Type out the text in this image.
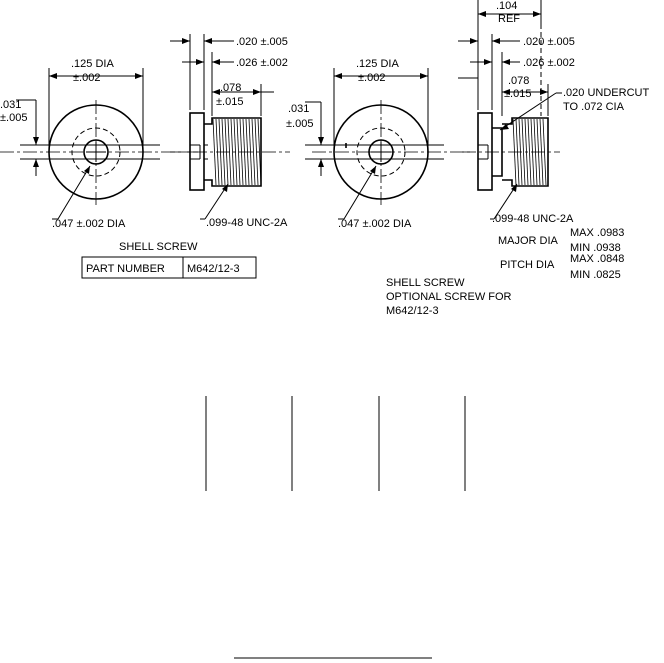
.031
±.005
.125 DIA
±.002
.047 ±.002 DIA
.020 ±.005
.026 ±.002
.078
±.015
.099-48 UNC-2A
SHELL SCREW
PART NUMBER M642/12-3
.031
±.005
.125 DIA
±.002
.047 ±.002 DIA
.104
REF
.020 ±.005
.026 ±.002
.078
±.015	.020 UNDERCUT
TO .072 CIA
.099-48 UNC-2A
MAJOR DIA
MAX .0983
MIN .0938
PITCH DIA MAX .0848
MIN .0825
SHELL SCREW
OPTIONAL SCREW FOR
M642/12-3
